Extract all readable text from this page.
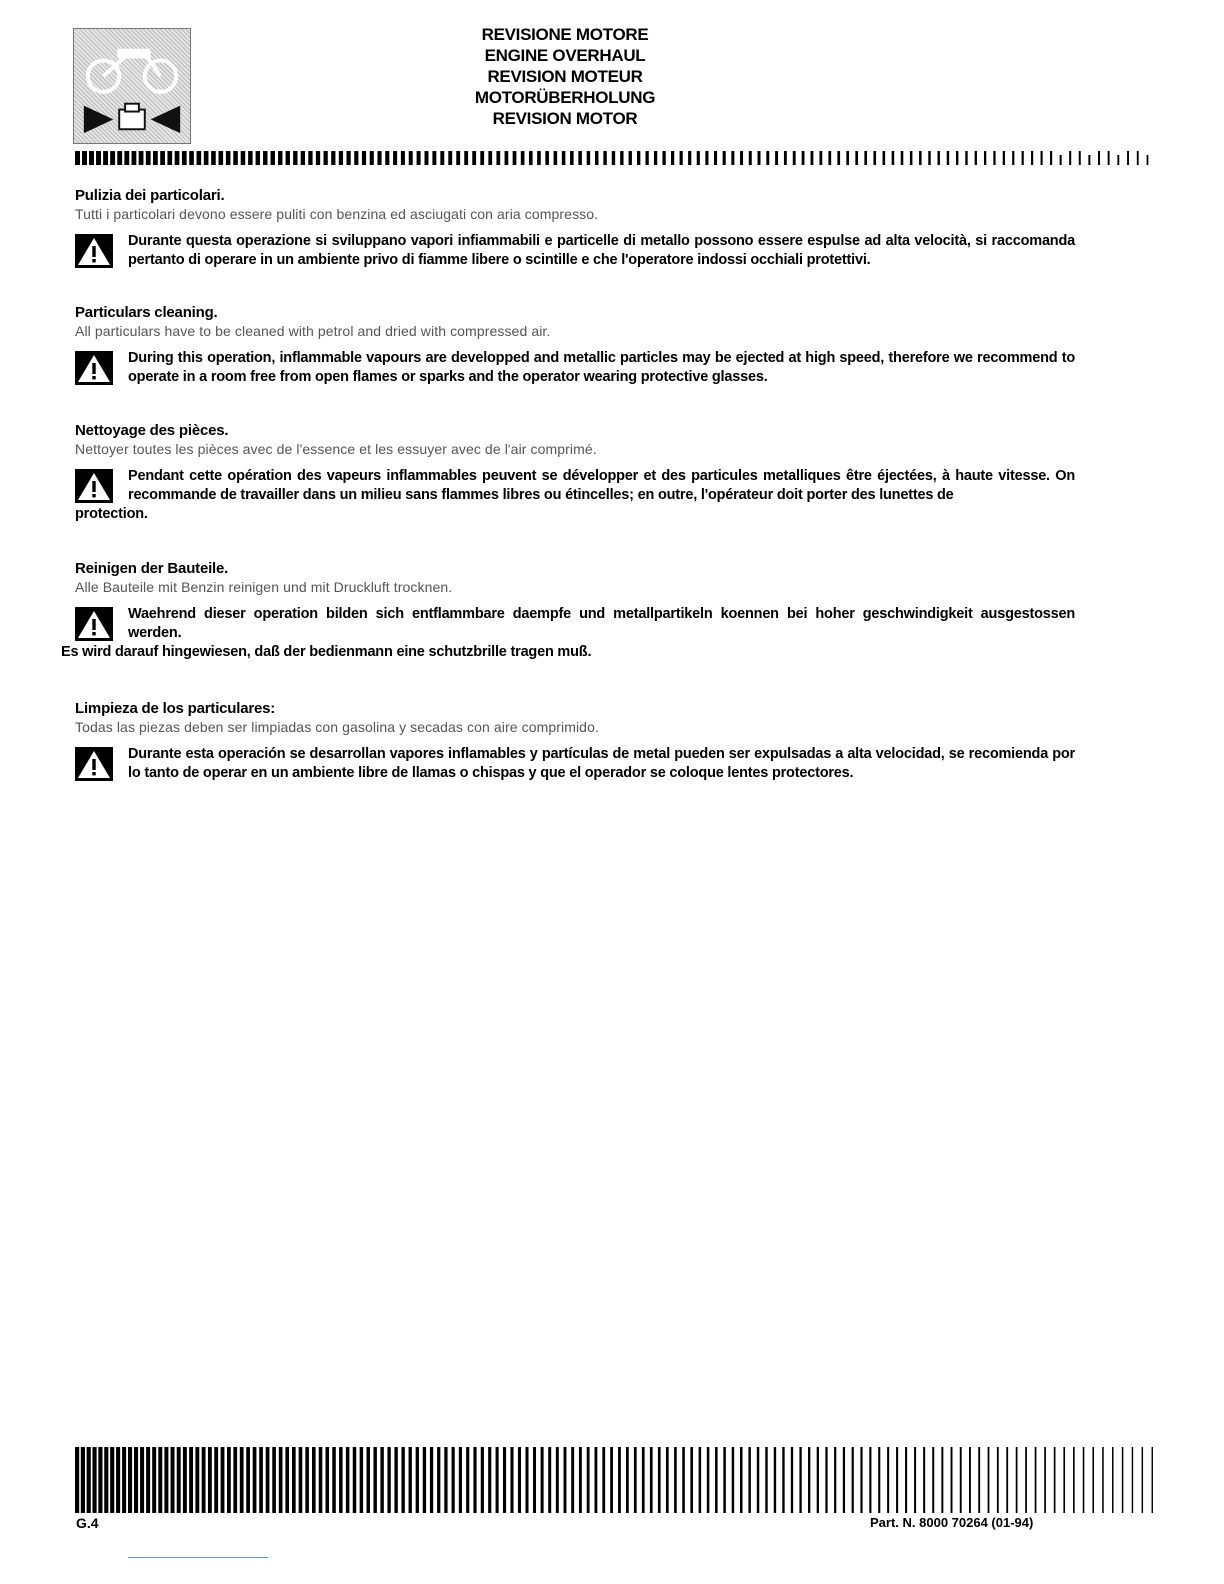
REVISIONE MOTORE
ENGINE OVERHAUL
REVISION MOTEUR
MOTORÜBERHOLUNG
REVISION MOTOR
Pulizia dei particolari.
Tutti i particolari devono essere puliti con benzina ed asciugati con aria compresso.
Durante questa operazione si sviluppano vapori infiammabili e particelle di metallo possono essere espulse ad alta velocità, si raccomanda pertanto di operare in un ambiente privo di fiamme libere o scintille e che l'operatore indossi occhiali protettivi.
Particulars cleaning.
All particulars have to be cleaned with petrol and dried with compressed air.
During this operation, inflammable vapours are developped and metallic particles may be ejected at high speed, therefore we recommend to operate in a room free from open flames or sparks and the operator wearing protective glasses.
Nettoyage des pièces.
Nettoyer toutes les pièces avec de l'essence et les essuyer avec de l'air comprimé.
Pendant cette opération des vapeurs inflammables peuvent se développer et des particules metalliques être éjectées, à haute vitesse. On recommande de travailler dans un milieu sans flammes libres ou étincelles; en outre, l'opérateur doit porter des lunettes de
protection.
Reinigen der Bauteile.
Alle Bauteile mit Benzin reinigen und mit Druckluft trocknen.
Waehrend dieser operation bilden sich entflammbare daempfe und metallpartikeln koennen bei hoher geschwindigkeit ausgestossen werden.
Es wird darauf hingewiesen, daß der bedienmann eine schutzbrille tragen muß.
Limpieza de los particulares:
Todas las piezas deben ser limpiadas con gasolina y secadas con aire comprimido.
Durante esta operación se desarrollan vapores inflamables y partículas de metal pueden ser expulsadas a alta velocidad, se recomienda por lo tanto de operar en un ambiente libre de llamas o chispas y que el operador se coloque lentes protectores.
G.4	Part. N. 8000 70264 (01-94)
